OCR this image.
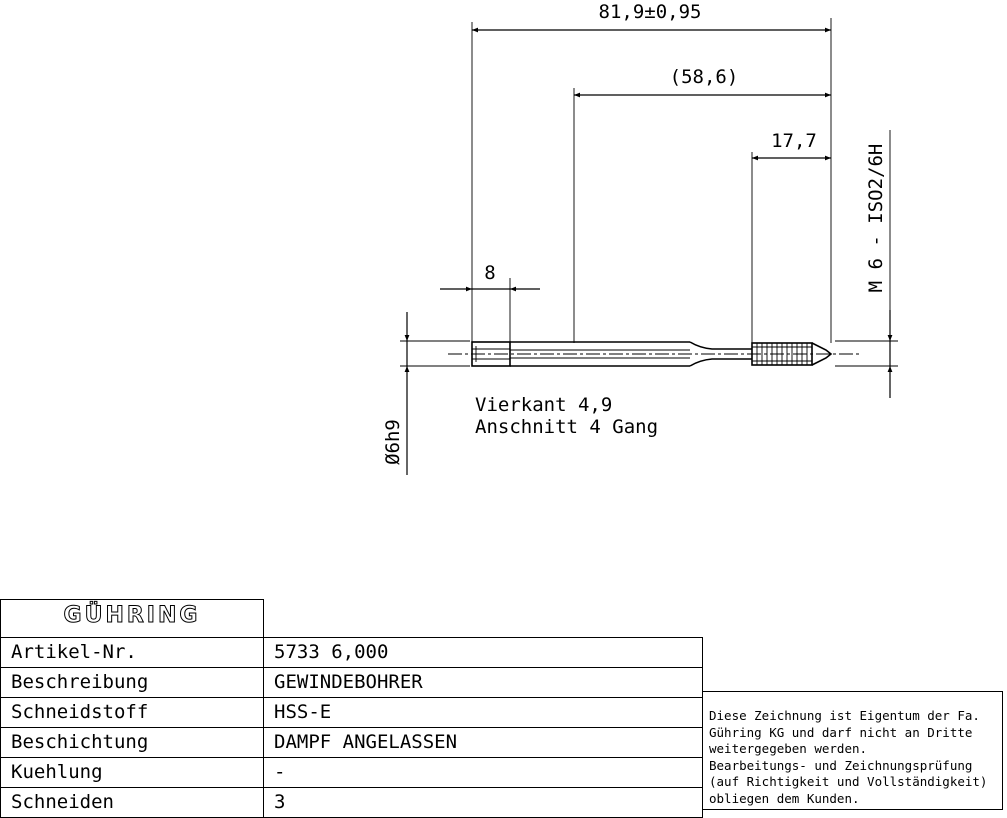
81,9±0,95
(58,6)
17,7
8	M 6 - ISO2/6H
Ø6h9
Vierkant 4,9
Anschnitt 4 Gang
GÜHRING	

Artikel-Nr.	5733 6,000
Beschreibung	GEWINDEBOHRER
Schneidstoff	HSS-E
Beschichtung	DAMPF ANGELASSEN
Kuehlung	-
Schneiden	3
Diese Zeichnung ist Eigentum der Fa.
Gühring KG und darf nicht an Dritte
weitergegeben werden.
Bearbeitungs- und Zeichnungsprüfung
(auf Richtigkeit und Vollständigkeit)
obliegen dem Kunden.
